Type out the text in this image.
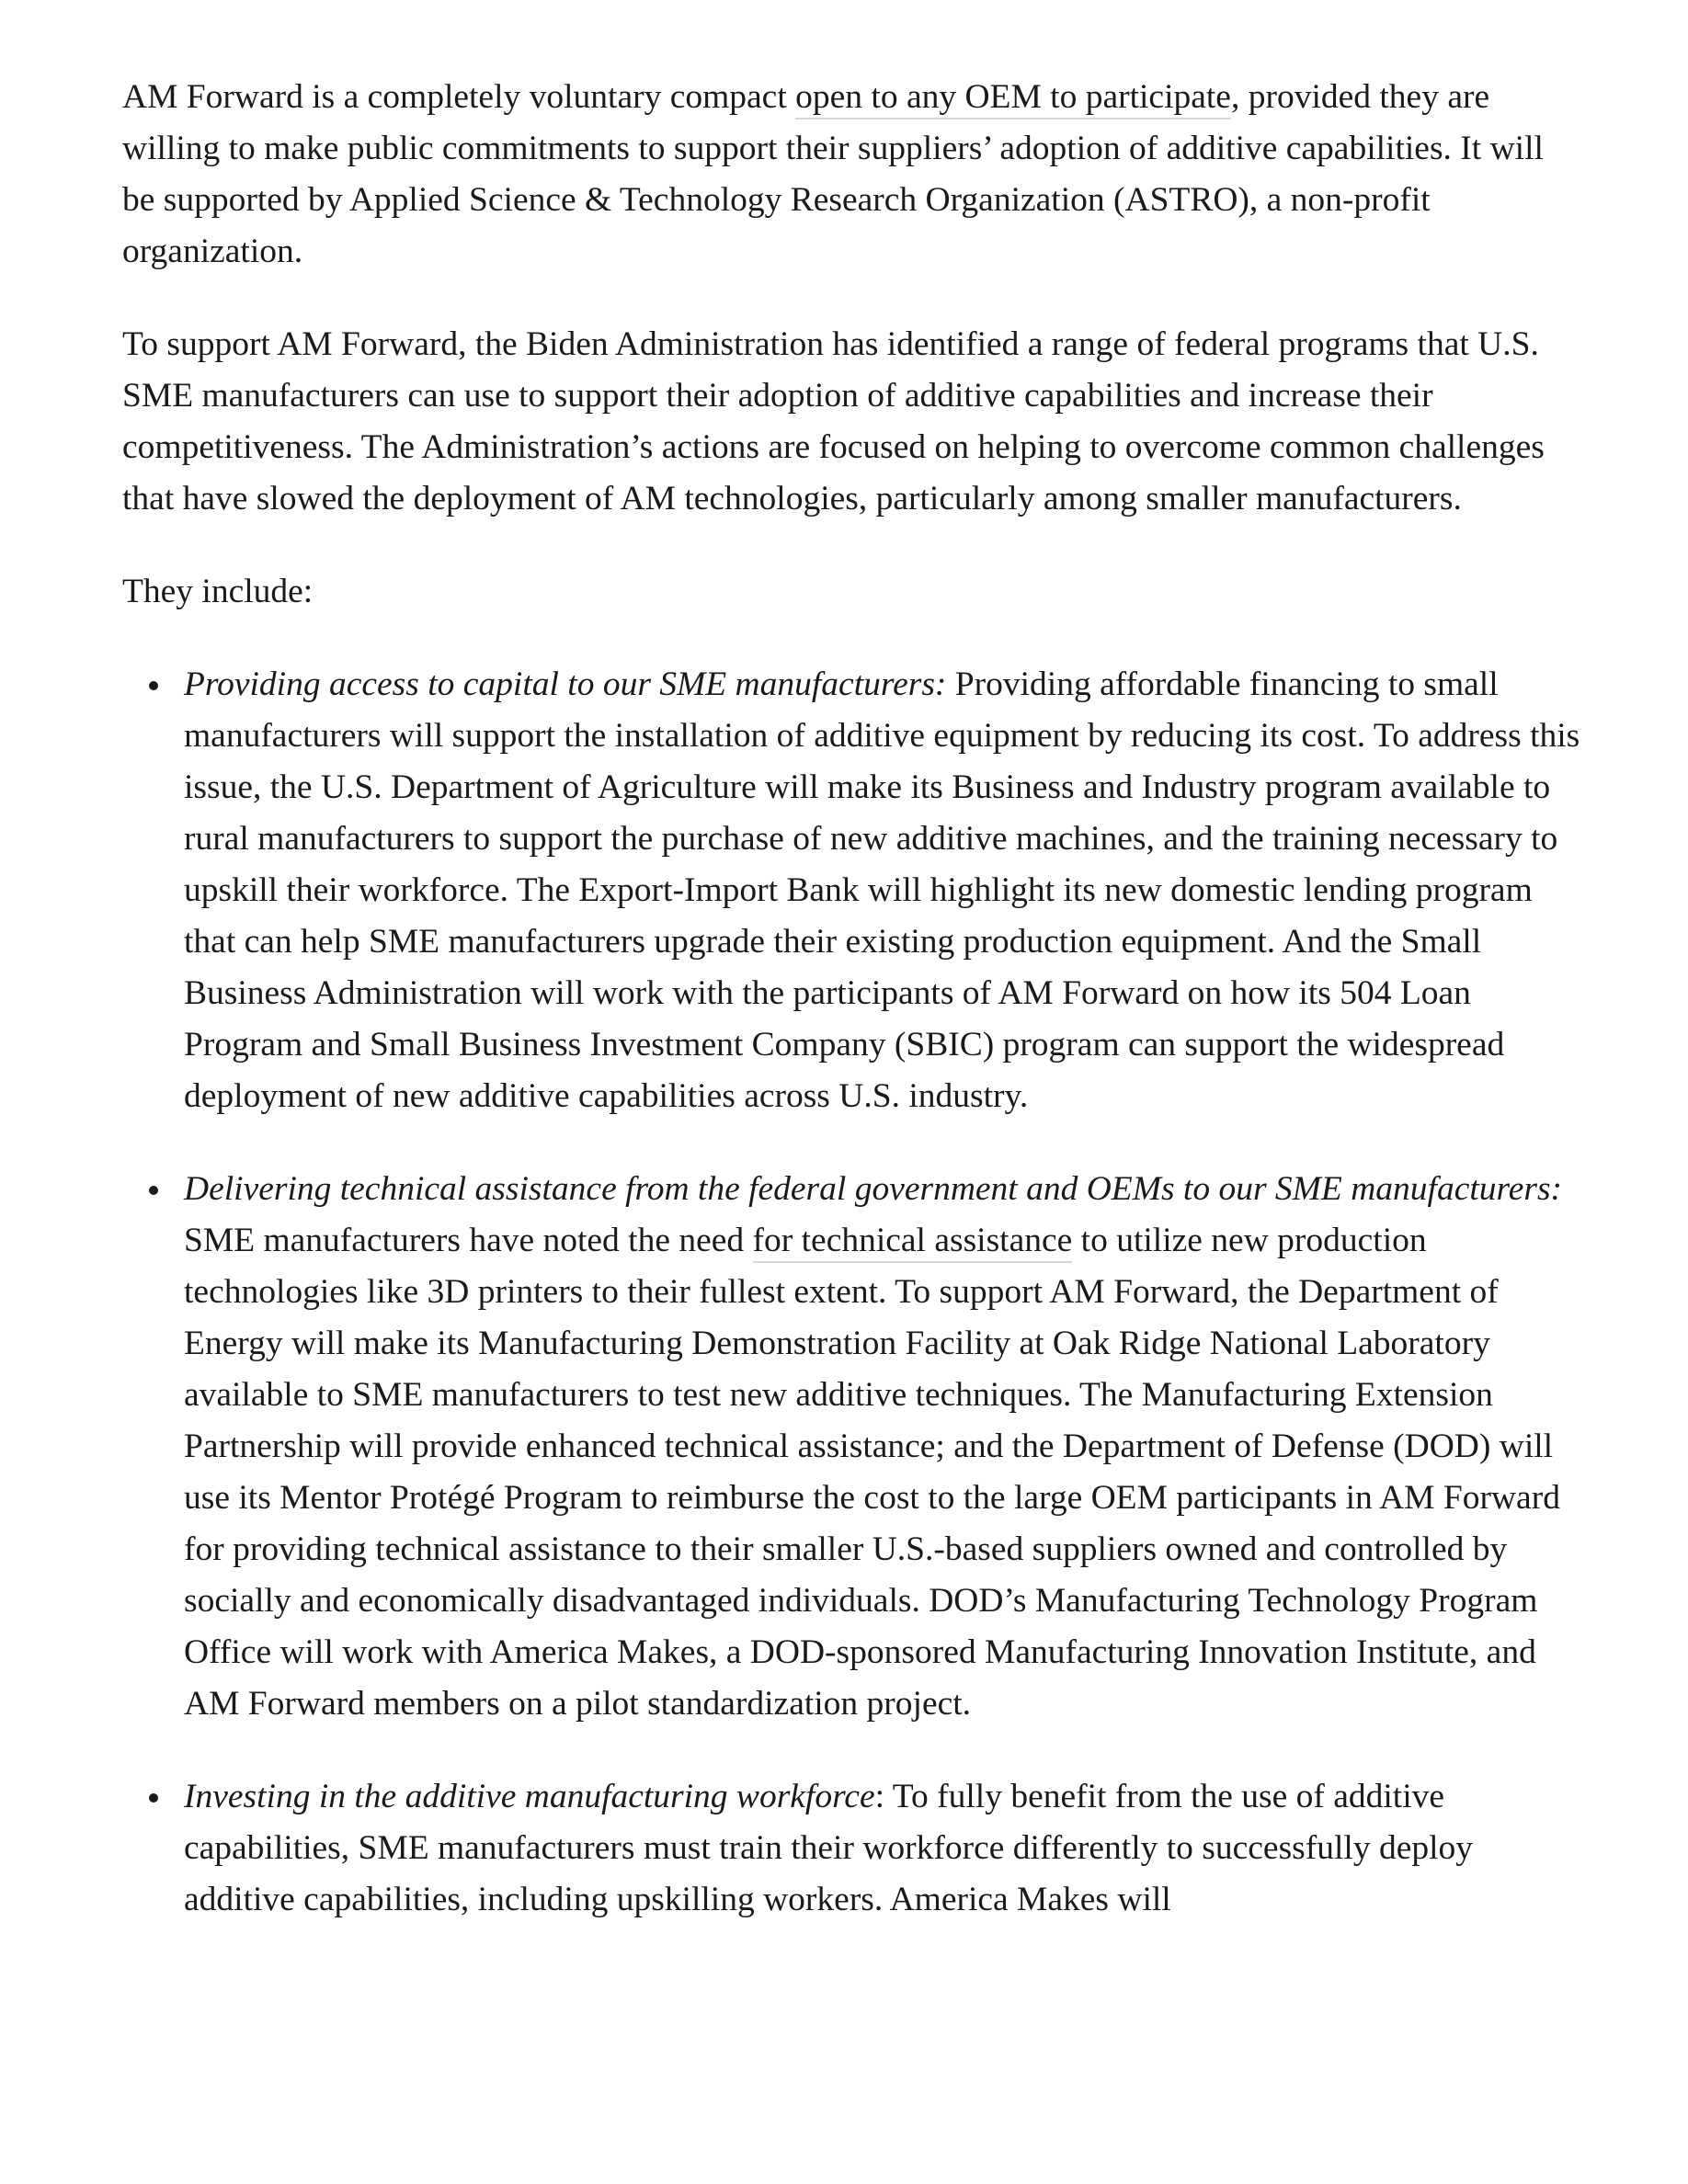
AM Forward is a completely voluntary compact open to any OEM to participate, provided they are willing to make public commitments to support their suppliers’ adoption of additive capabilities. It will be supported by Applied Science & Technology Research Organization (ASTRO), a non-profit organization.

To support AM Forward, the Biden Administration has identified a range of federal programs that U.S. SME manufacturers can use to support their adoption of additive capabilities and increase their competitiveness. The Administration’s actions are focused on helping to overcome common challenges that have slowed the deployment of AM technologies, particularly among smaller manufacturers.

They include:

Providing access to capital to our SME manufacturers: Providing affordable financing to small manufacturers will support the installation of additive equipment by reducing its cost. To address this issue, the U.S. Department of Agriculture will make its Business and Industry program available to rural manufacturers to support the purchase of new additive machines, and the training necessary to upskill their workforce. The Export-Import Bank will highlight its new domestic lending program that can help SME manufacturers upgrade their existing production equipment. And the Small Business Administration will work with the participants of AM Forward on how its 504 Loan Program and Small Business Investment Company (SBIC) program can support the widespread deployment of new additive capabilities across U.S. industry.
Delivering technical assistance from the federal government and OEMs to our SME manufacturers: SME manufacturers have noted the need for technical assistance to utilize new production technologies like 3D printers to their fullest extent. To support AM Forward, the Department of Energy will make its Manufacturing Demonstration Facility at Oak Ridge National Laboratory available to SME manufacturers to test new additive techniques. The Manufacturing Extension Partnership will provide enhanced technical assistance; and the Department of Defense (DOD) will use its Mentor Protégé Program to reimburse the cost to the large OEM participants in AM Forward for providing technical assistance to their smaller U.S.-based suppliers owned and controlled by socially and economically disadvantaged individuals. DOD’s Manufacturing Technology Program Office will work with America Makes, a DOD-sponsored Manufacturing Innovation Institute, and AM Forward members on a pilot standardization project.
Investing in the additive manufacturing workforce: To fully benefit from the use of additive capabilities, SME manufacturers must train their workforce differently to successfully deploy additive capabilities, including upskilling workers. America Makes will
